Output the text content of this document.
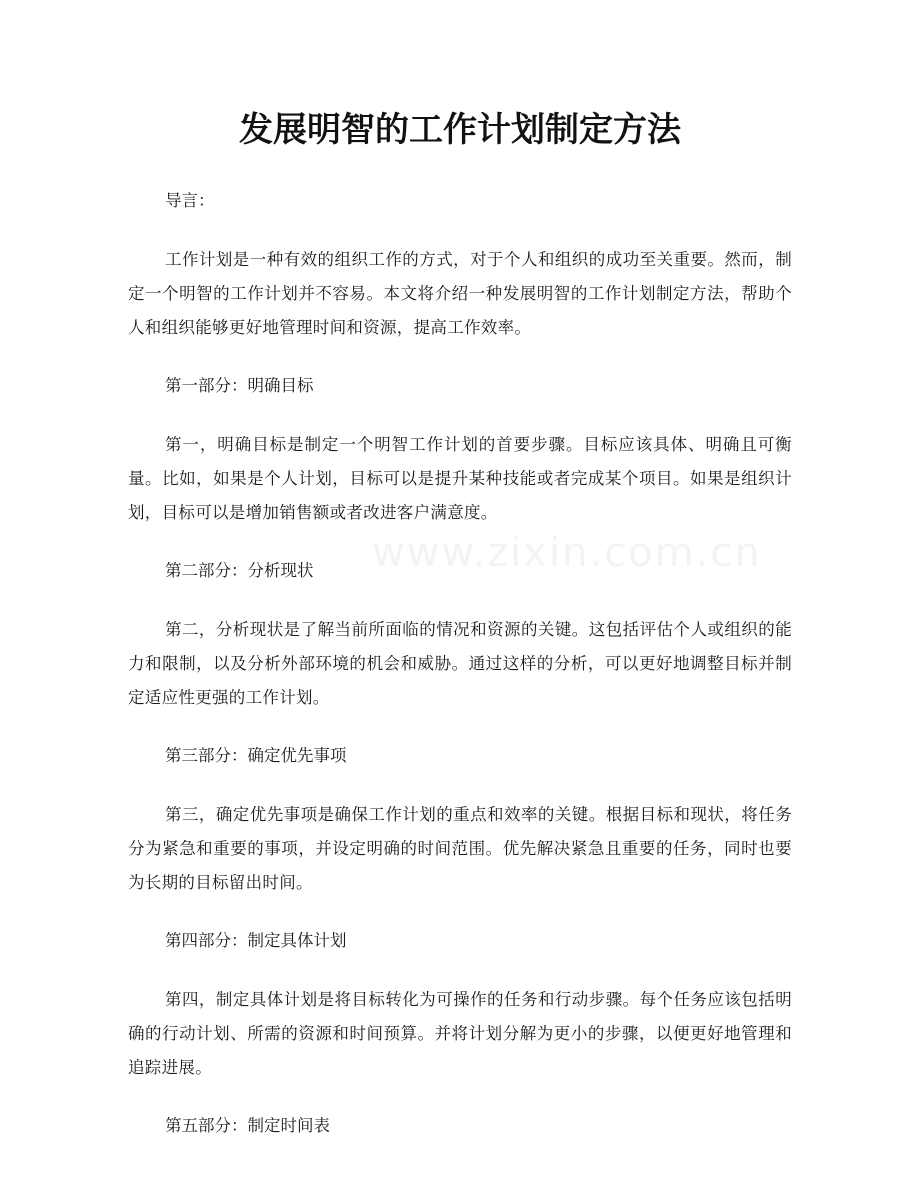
发展明智的工作计划制定方法

导言：

工作计划是一种有效的组织工作的方式，对于个人和组织的成功至关重要。然而，制定一个明智的工作计划并不容易。本文将介绍一种发展明智的工作计划制定方法，帮助个人和组织能够更好地管理时间和资源，提高工作效率。

第一部分：明确目标

第一，明确目标是制定一个明智工作计划的首要步骤。目标应该具体、明确且可衡量。比如，如果是个人计划，目标可以是提升某种技能或者完成某个项目。如果是组织计划，目标可以是增加销售额或者改进客户满意度。

第二部分：分析现状

第二，分析现状是了解当前所面临的情况和资源的关键。这包括评估个人或组织的能力和限制，以及分析外部环境的机会和威胁。通过这样的分析，可以更好地调整目标并制定适应性更强的工作计划。

第三部分：确定优先事项

第三，确定优先事项是确保工作计划的重点和效率的关键。根据目标和现状，将任务分为紧急和重要的事项，并设定明确的时间范围。优先解决紧急且重要的任务，同时也要为长期的目标留出时间。

第四部分：制定具体计划

第四，制定具体计划是将目标转化为可操作的任务和行动步骤。每个任务应该包括明确的行动计划、所需的资源和时间预算。并将计划分解为更小的步骤，以便更好地管理和追踪进展。

第五部分：制定时间表
